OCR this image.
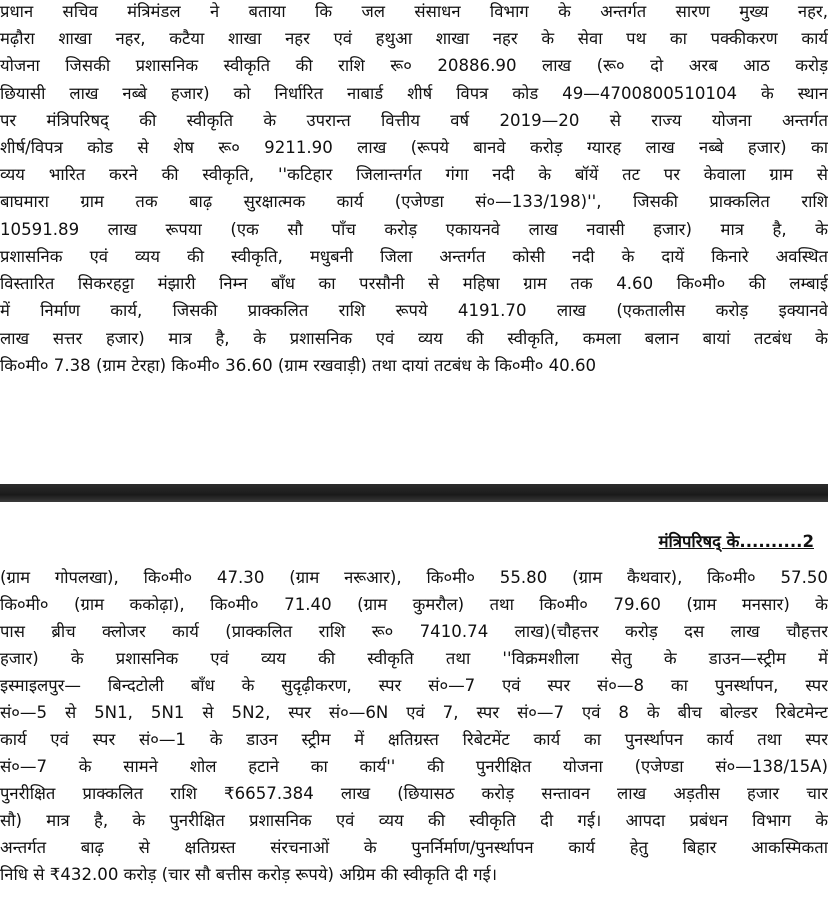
प्रधान सचिव मंत्रिमंडल ने बताया कि जल संसाधन विभाग के अन्तर्गत सारण मुख्य नहर,
मढ़ौरा शाखा नहर, कटैया शाखा नहर एवं हथुआ शाखा नहर के सेवा पथ का पक्कीकरण कार्य
योजना जिसकी प्रशासनिक स्वीकृति की राशि रू० 20886.90 लाख (रू० दो अरब आठ करोड़
छियासी लाख नब्बे हजार) को निर्धारित नाबार्ड शीर्ष विपत्र कोड 49—4700800510104 के स्थान
पर मंत्रिपरिषद् की स्वीकृति के उपरान्त वित्तीय वर्ष 2019—20 से राज्य योजना अन्तर्गत
शीर्ष/विपत्र कोड से शेष रू० 9211.90 लाख (रूपये बानवे करोड़ ग्यारह लाख नब्बे हजार) का
व्यय भारित करने की स्वीकृति, ''कटिहार जिलान्तर्गत गंगा नदी के बॉयें तट पर केवाला ग्राम से
बाघमारा ग्राम तक बाढ़ सुरक्षात्मक कार्य (एजेण्डा सं०—133/198)'', जिसकी प्राक्कलित राशि
10591.89 लाख रूपया (एक सौ पाँच करोड़ एकायनवे लाख नवासी हजार) मात्र है, के
प्रशासनिक एवं व्यय की स्वीकृति, मधुबनी जिला अन्तर्गत कोसी नदी के दायें किनारे अवस्थित
विस्तारित सिकरहट्टा मंझारी निम्न बाँध का परसौनी से महिषा ग्राम तक 4.60 कि०मी० की लम्बाई
में निर्माण कार्य, जिसकी प्राक्कलित राशि रूपये 4191.70 लाख (एकतालीस करोड़ इक्यानवे
लाख सत्तर हजार) मात्र है, के प्रशासनिक एवं व्यय की स्वीकृति, कमला बलान बायां तटबंध के
कि०मी० 7.38 (ग्राम टेरहा) कि०मी० 36.60 (ग्राम रखवाड़ी) तथा दायां तटबंध के कि०मी० 40.60
मंत्रिपरिषद् के..........2
(ग्राम गोपलखा), कि०मी० 47.30 (ग्राम नरूआर), कि०मी० 55.80 (ग्राम कैथवार), कि०मी० 57.50
कि०मी० (ग्राम ककोढ़ा), कि०मी० 71.40 (ग्राम कुमरौल) तथा कि०मी० 79.60 (ग्राम मनसार) के
पास ब्रीच क्लोजर कार्य (प्राक्कलित राशि रू० 7410.74 लाख)(चौहत्तर करोड़ दस लाख चौहत्तर
हजार) के प्रशासनिक एवं व्यय की स्वीकृति तथा ''विक्रमशीला सेतु के डाउन—स्ट्रीम में
इस्माइलपुर— बिन्दटोली बाँध के सुदृढ़ीकरण, स्पर सं०—7 एवं स्पर सं०—8 का पुनर्स्थापन, स्पर
सं०—5 से 5N1, 5N1 से 5N2, स्पर सं०—6N एवं 7, स्पर सं०—7 एवं 8 के बीच बोल्डर रिबेटमेन्ट
कार्य एवं स्पर सं०—1 के डाउन स्ट्रीम में क्षतिग्रस्त रिबेटमेंट कार्य का पुनर्स्थापन कार्य तथा स्पर
सं०—7 के सामने शोल हटाने का कार्य'' की पुनरीक्षित योजना (एजेण्डा सं०—138/15A)
पुनरीक्षित प्राक्कलित राशि ₹6657.384 लाख (छियासठ करोड़ सन्तावन लाख अड़तीस हजार चार
सौ) मात्र है, के पुनरीक्षित प्रशासनिक एवं व्यय की स्वीकृति दी गई। आपदा प्रबंधन विभाग के
अन्तर्गत बाढ़ से क्षतिग्रस्त संरचनाओं के पुनर्निर्माण/पुनर्स्थापन कार्य हेतु बिहार आकस्मिकता
निधि से ₹432.00 करोड़ (चार सौ बत्तीस करोड़ रूपये) अग्रिम की स्वीकृति दी गई।
